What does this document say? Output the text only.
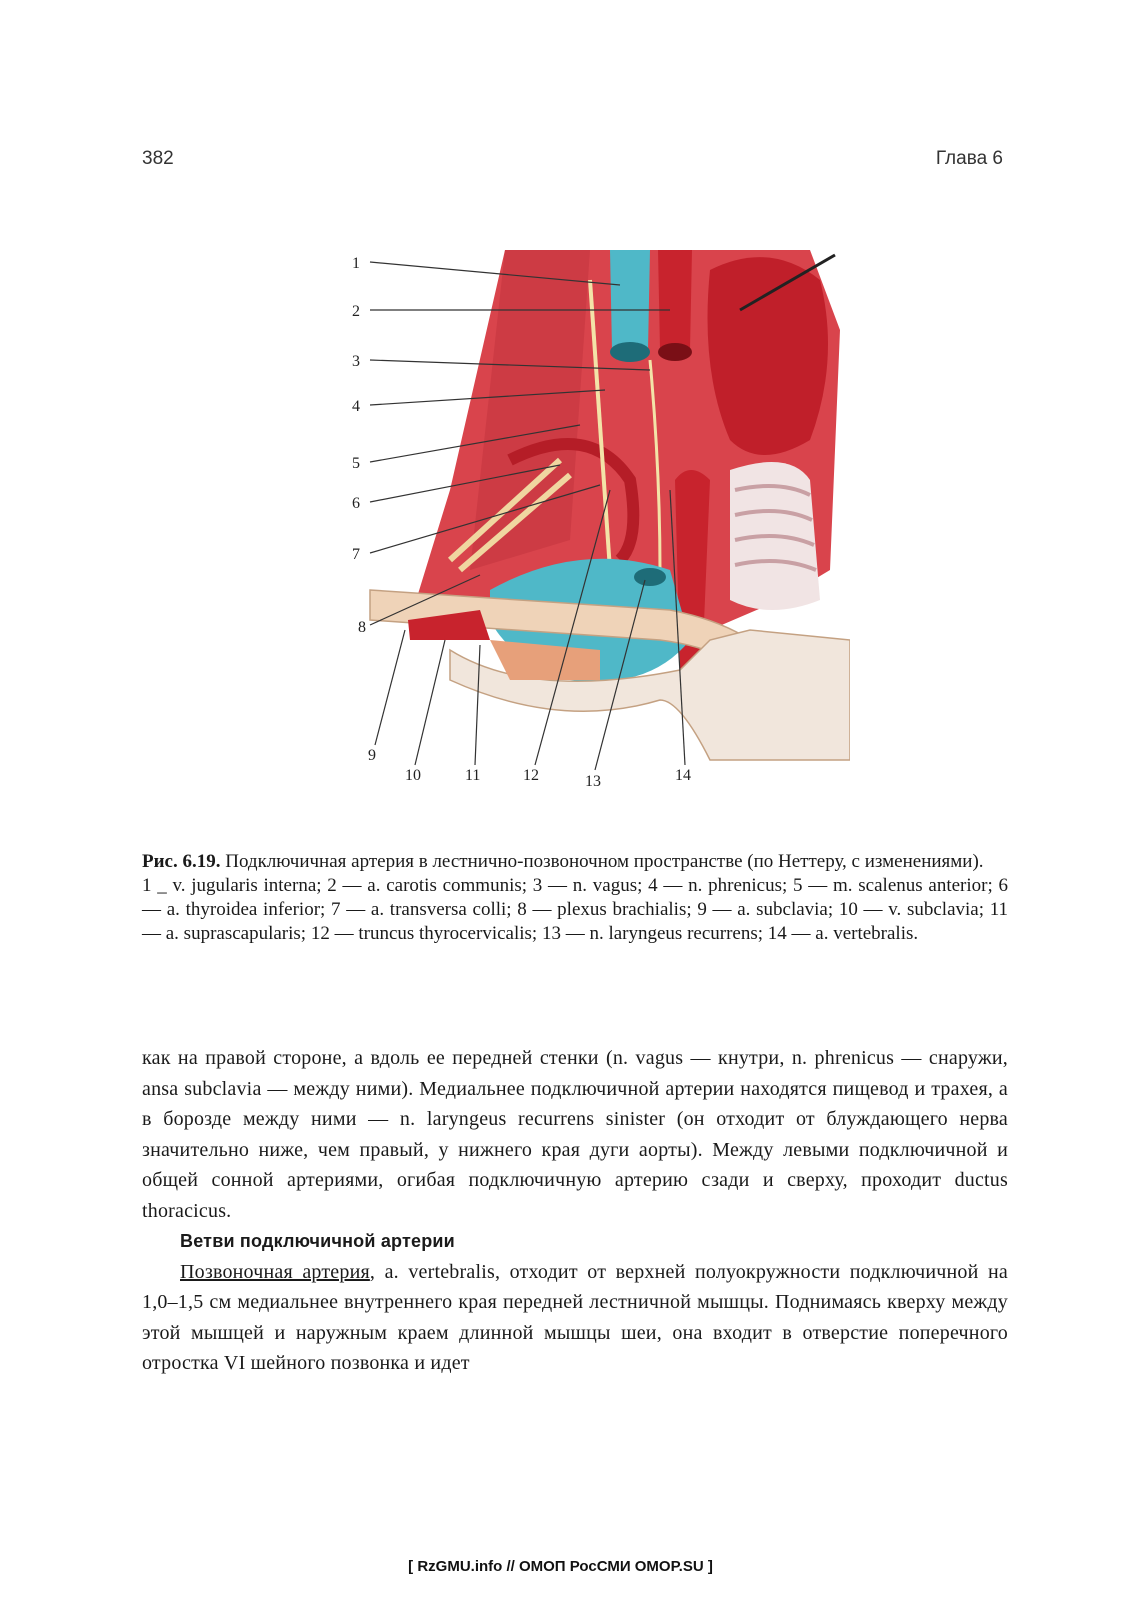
382	Глава 6
1
2
3
4
5
6
7
8
9
10	11	12	13	14

Рис. 6.19. Подключичная артерия в лестнично-позвоночном пространстве (по Неттеру, с изменениями).

1 _ v. jugularis interna; 2 — a. carotis communis; 3 — n. vagus; 4 — n. phrenicus; 5 — m. scalenus anterior; 6 — a. thyroidea inferior; 7 — a. transversa colli; 8 — plexus brachialis; 9 — a. subclavia; 10 — v. subclavia; 11 — a. suprascapularis; 12 — truncus thyrocervicalis; 13 — n. laryngeus recurrens; 14 — a. vertebralis.

как на правой стороне, а вдоль ее передней стенки (n. vagus — кнутри, n. phrenicus — снаружи, ansa subclavia — между ними). Медиальнее подключичной артерии находятся пищевод и трахея, а в борозде между ними — n. laryngeus recurrens sinister (он отходит от блуждающего нерва значительно ниже, чем правый, у нижнего края дуги аорты). Между левыми подключичной и общей сонной артериями, огибая подключичную артерию сзади и сверху, проходит ductus thoracicus.

Ветви подключичной артерии

Позвоночная артерия, a. vertebralis, отходит от верхней полуокружности подключичной на 1,0–1,5 см медиальнее внутреннего края передней лестничной мышцы. Поднимаясь кверху между этой мышцей и наружным краем длинной мышцы шеи, она входит в отверстие поперечного отростка VI шейного позвонка и идет

[ RzGMU.info // ОМОП РосСМИ OMOP.SU ]
